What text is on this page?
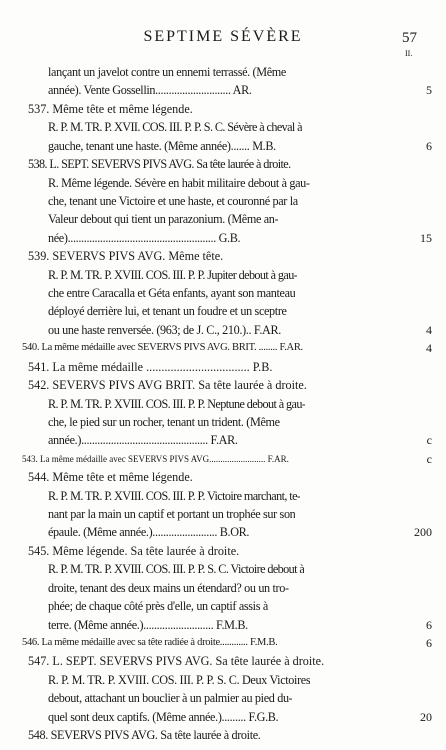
SEPTIME SÉVÈRE	57
II.
lançant un javelot contre un ennemi terrassé. (Même
année). Vente Gossellin............................ AR.	5
537. Même tête et même légende.
R. P. M. TR. P. XVII. COS. III. P. P. S. C. Sévère à cheval à
gauche, tenant une haste. (Même année)....... M.B.	6
538. L. SEPT. SEVERVS PIVS AVG. Sa tête laurée à droite.
R. Même légende. Sévère en habit militaire debout à gau-
che, tenant une Victoire et une haste, et couronné par la
Valeur debout qui tient un parazonium. (Même an-
née)....................................................... G.B.	15
539. SEVERVS PIVS AVG. Même tête.
R. P. M. TR. P. XVIII. COS. III. P. P. Jupiter debout à gau-
che entre Caracalla et Géta enfants, ayant son manteau
déployé derrière lui, et tenant un foudre et un sceptre
ou une haste renversée. (963; de J. C., 210.).. F.AR.	4
540. La même médaille avec SEVERVS PIVS AVG. BRIT. ........ F.AR.	4
541. La même médaille .................................. P.B.
542. SEVERVS PIVS AVG BRIT. Sa tête laurée à droite.
R. P. M. TR. P. XVIII. COS. III. P. P. Neptune debout à gau-
che, le pied sur un rocher, tenant un trident. (Même
année.)............................................... F.AR.	c
543. La même médaille avec SEVERVS PIVS AVG......................... F.AR.	c
544. Même tête et même légende.
R. P. M. TR. P. XVIII. COS. III. P. P. Victoire marchant, te-
nant par la main un captif et portant un trophée sur son
épaule. (Même année.)........................ B.OR.	200
545. Même légende. Sa tête laurée à droite.
R. P. M. TR. P. XVIII. COS. III. P. P. S. C. Victoire debout à
droite, tenant des deux mains un étendard? ou un tro-
phée; de chaque côté près d'elle, un captif assis à
terre. (Même année.).......................... F.M.B.	6
546. La même médaille avec sa tête radiée à droite............ F.M.B.	6
547. L. SEPT. SEVERVS PIVS AVG. Sa tête laurée à droite.
R. P. M. TR. P. XVIII. COS. III. P. P. S. C. Deux Victoires
debout, attachant un bouclier à un palmier au pied du-
quel sont deux captifs. (Même année.)......... F.G.B.	20
548. SEVERVS PIVS AVG. Sa tête laurée à droite.
